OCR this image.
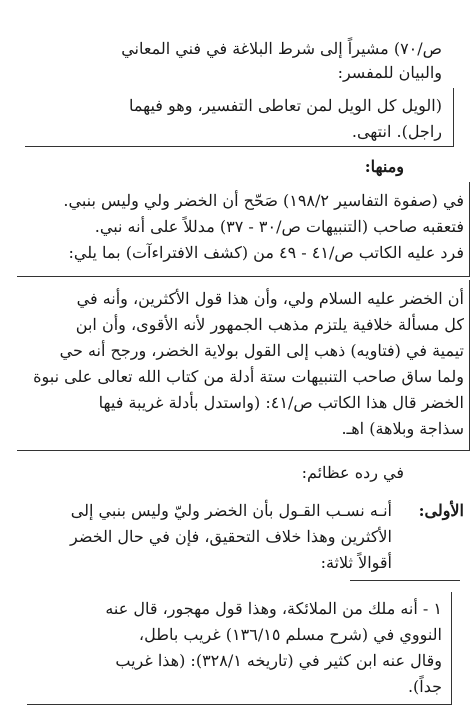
ص/٧٠) مشيراً إلى شرط البلاغة في فني المعاني
والبيان للمفسر:
(الويل كل الويل لمن تعاطى التفسير، وهو فيهما
راجل). انتهى.
ومنها:
في (صفوة التفاسير ١٩٨/٢) صَحّح أن الخضر ولي وليس بنبي.
فتعقبه صاحب (التنبيهات ص/٣٠ - ٣٧) مدللاً على أنه نبي.
فرد عليه الكاتب ص/٤١ - ٤٩ من (كشف الافتراءآت) بما يلي:
أن الخضر عليه السلام ولي، وأن هذا قول الأكثرين، وأنه في
كل مسألة خلافية يلتزم مذهب الجمهور لأنه الأقوى، وأن ابن
تيمية في (فتاويه) ذهب إلى القول بولاية الخضر، ورجح أنه حي
ولما ساق صاحب التنبيهات ستة أدلة من كتاب الله تعالى على نبوة
الخضر قال هذا الكاتب ص/٤١: (واستدل بأدلة غريبة فيها
سذاجة وبلاهة) اهـ.
في رده عظائم:
الأولى:
أنـه نسـب القـول بأن الخضر وليّ وليس بنبي إلى
الأكثرين وهذا خلاف التحقيق، فإن في حال الخضر
أقوالاً ثلاثة:
١ - أنه ملك من الملائكة، وهذا قول مهجور، قال عنه
النووي في (شرح مسلم ١٣٦/١٥) غريب باطل،
وقال عنه ابن كثير في (تاريخه ٣٢٨/١): (هذا غريب
جداً).
